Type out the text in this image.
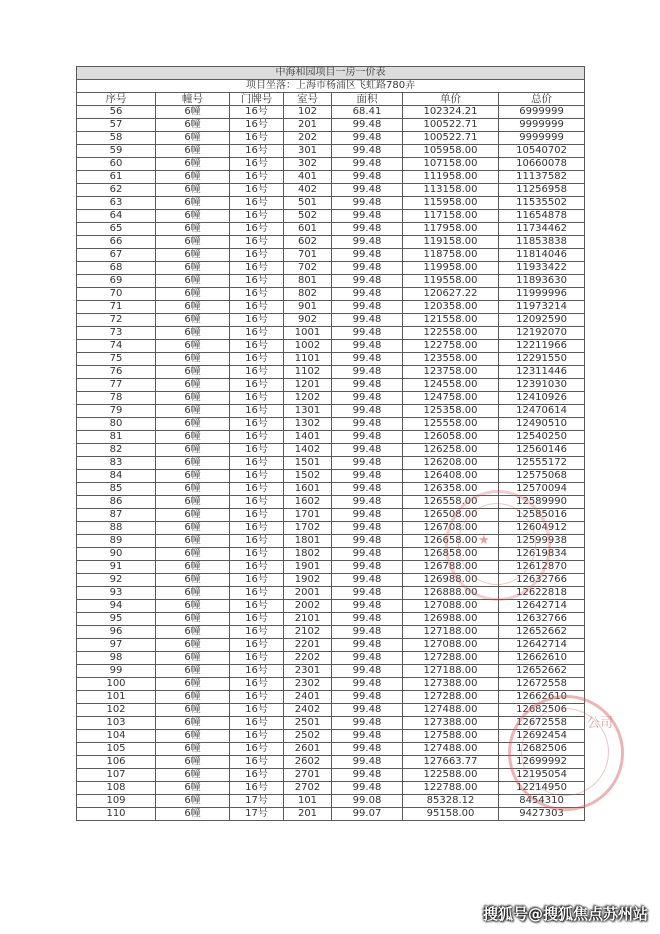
中海和园项目一房一价表						
项目坐落：上海市杨浦区飞虹路780弄						
序号	幢号	门牌号	室号	面积	单价	总价
56	6幢	16号	102	68.41	102324.21	6999999
57	6幢	16号	201	99.48	100522.71	9999999
58	6幢	16号	202	99.48	100522.71	9999999
59	6幢	16号	301	99.48	105958.00	10540702
60	6幢	16号	302	99.48	107158.00	10660078
61	6幢	16号	401	99.48	111958.00	11137582
62	6幢	16号	402	99.48	113158.00	11256958
63	6幢	16号	501	99.48	115958.00	11535502
64	6幢	16号	502	99.48	117158.00	11654878
65	6幢	16号	601	99.48	117958.00	11734462
66	6幢	16号	602	99.48	119158.00	11853838
67	6幢	16号	701	99.48	118758.00	11814046
68	6幢	16号	702	99.48	119958.00	11933422
69	6幢	16号	801	99.48	119558.00	11893630
70	6幢	16号	802	99.48	120627.22	11999996
71	6幢	16号	901	99.48	120358.00	11973214
72	6幢	16号	902	99.48	121558.00	12092590
73	6幢	16号	1001	99.48	122558.00	12192070
74	6幢	16号	1002	99.48	122758.00	12211966
75	6幢	16号	1101	99.48	123558.00	12291550
76	6幢	16号	1102	99.48	123758.00	12311446
77	6幢	16号	1201	99.48	124558.00	12391030
78	6幢	16号	1202	99.48	124758.00	12410926
79	6幢	16号	1301	99.48	125358.00	12470614
80	6幢	16号	1302	99.48	125558.00	12490510
81	6幢	16号	1401	99.48	126058.00	12540250
82	6幢	16号	1402	99.48	126258.00	12560146
83	6幢	16号	1501	99.48	126208.00	12555172
84	6幢	16号	1502	99.48	126408.00	12575068
85	6幢	16号	1601	99.48	126358.00	12570094
86	6幢	16号	1602	99.48	126558.00	12589990
87	6幢	16号	1701	99.48	126508.00	12585016
88	6幢	16号	1702	99.48	126708.00	12604912
89	6幢	16号	1801	99.48	126658.00	12599938
90	6幢	16号	1802	99.48	126858.00	12619834
91	6幢	16号	1901	99.48	126788.00	12612870
92	6幢	16号	1902	99.48	126988.00	12632766
93	6幢	16号	2001	99.48	126888.00	12622818
94	6幢	16号	2002	99.48	127088.00	12642714
95	6幢	16号	2101	99.48	126988.00	12632766
96	6幢	16号	2102	99.48	127188.00	12652662
97	6幢	16号	2201	99.48	127088.00	12642714
98	6幢	16号	2202	99.48	127288.00	12662610
99	6幢	16号	2301	99.48	127188.00	12652662
100	6幢	16号	2302	99.48	127388.00	12672558
101	6幢	16号	2401	99.48	127288.00	12662610
102	6幢	16号	2402	99.48	127488.00	12682506
103	6幢	16号	2501	99.48	127388.00	12672558
104	6幢	16号	2502	99.48	127588.00	12692454
105	6幢	16号	2601	99.48	127488.00	12682506
106	6幢	16号	2602	99.48	127663.77	12699992
107	6幢	16号	2701	99.48	122588.00	12195054
108	6幢	16号	2702	99.48	122788.00	12214950
109	6幢	17号	101	99.08	85328.12	8454310
110	6幢	17号	201	99.07	95158.00	9427303
★
公司
搜狐号@搜狐焦点苏州站
